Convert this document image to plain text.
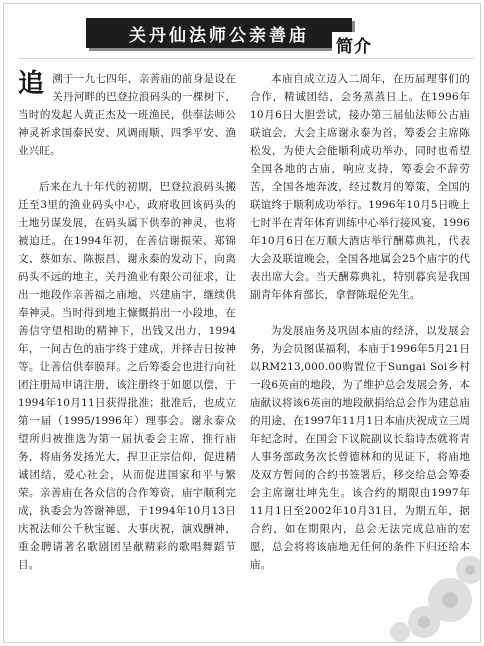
关丹仙法师公亲善庙
简介

追 溯于一九七四年，亲善庙的前身是设在关丹河畔的巴登拉浪码头的一棵树下，当时的发起人黄正杰及一班渔民，供奉法师公神灵祈求国泰民安、风调雨顺、四季平安、渔业兴旺。

后来在九十年代的初期，巴登拉浪码头搬迁至3里的渔业码头中心，政府收回该码头的土地另谋发展，在码头属下供奉的神灵，也将被迫迁。在1994年初，在善信谢振荣、郑锦文、蔡如东、陈振昌、谢永泰的发动下，向离码头不远的地主，关丹渔业有限公司征求，让出一地段作亲善福之庙地，兴建庙宇，继续供奉神灵。当时得到地主慷慨捐出一小段地，在善信守望相助的精神下，出钱又出力，1994年，一间古色的庙宇终于建成，并择吉日按神等。让善信供奉膜拜。之后筹委会也进行向社团注册局申请注册，该注册终于如愿以偿，于1994年10月11日获得批准；批准后，也成立第一届（1995/1996年）理事会。谢永泰众望所归被推选为第一届执委会主席，推行庙务，将庙务发扬光大，捍卫正宗信仰，促进精诚团结，爱心社会，从而促进国家和平与繁荣。亲善庙在各众信的合作筹资，庙宇顺利完成，执委会为答谢神恩，于1994年10月13日庆祝法师公千秋宝诞、大事庆祝，演戏酬神，重金聘请著名歌剧团呈献精彩的歌唱舞蹈节目。

本庙自成立迈入二周年，在历届理事们的合作，精诚团结，会务蒸蒸日上。在1996年10月6日大胆尝试，接办第三届仙法师公古庙联谊会，大会主席谢永泰为首，筹委会主席陈松发，为使大会能顺利成功举办，同时也希望全国各地的古庙，响应支持，筹委会不辞劳苦，全国各地奔波，经过数月的筹策，全国的联谊终于顺利成功举行。1996年10月5日晚上七时半在青年体育训练中心举行接风宴，1996年10月6日在万顺大酒店举行酬募典礼，代表大会及联谊晚会，全国各地属会25个庙宇的代表出席大会。当天酬募典礼，特别暮宾是我国副青年体育部长，拿督陈琨伦先生。

为发展庙务及巩固本庙的经济，以发展会务，为会员图谋福利，本庙于1996年5月21日以RM213,000.00购置位于Sungai Soi乡村一段6英亩的地段，为了维护总会发展会务，本庙献议将该6英亩的地段献捐给总会作为建总庙的用途，在1997年11月1日本庙庆祝成立三周年纪念时，在国会下议院副议长翁诗杰就将青人事务部政务次长曾德林和的见证下，将庙地及双方暂间的合约书签署后，移交给总会筹委会主席谢壮坤先生。该合约的期限由1997年11月1日至2002年10月31日，为期五年，据合约，如在期限内，总会无法完成总庙的宏愿，总会将将该庙地无任何的条件下归还给本庙。
